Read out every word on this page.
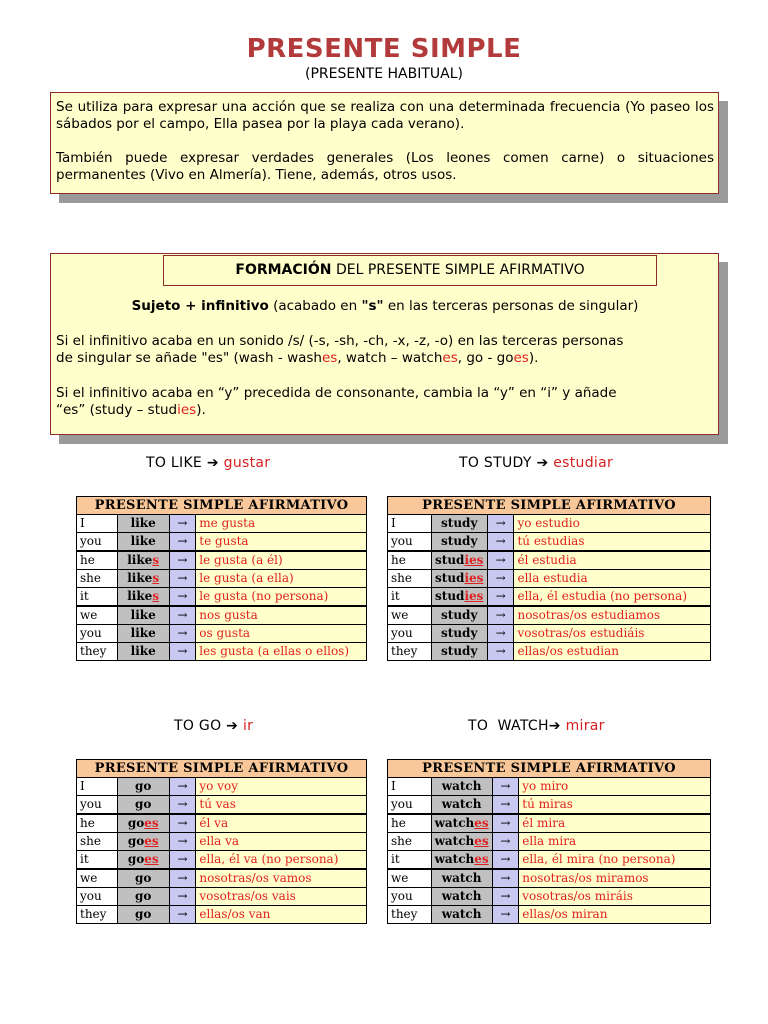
PRESENTE SIMPLE
(PRESENTE HABITUAL)

Se utiliza para expresar una acción que se realiza con una determinada frecuencia (Yo paseo los sábados por el campo, Ella pasea por la playa cada verano).

También puede expresar verdades generales (Los leones comen carne) o situaciones permanentes (Vivo en Almería). Tiene, además, otros usos.

FORMACIÓN DEL PRESENTE SIMPLE AFIRMATIVO
Sujeto + infinitivo (acabado en "s" en las terceras personas de singular)
Si el infinitivo acaba en un sonido /s/ (-s, -sh, -ch, -x, -z, -o) en las terceras personas
de singular se añade "es" (wash - washes, watch – watches, go - goes).
Si el infinitivo acaba en “y” precedida de consonante, cambia la “y” en “i” y añade
“es” (study – studies).
TO LIKE ➔ gustar	TO STUDY ➔ estudiar
TO GO ➔ ir	TO  WATCH➔ mirar
PRESENTE SIMPLE AFIRMATIVO			
I	like	→	me gusta
you	like	→	te gusta
he	likes	→	le gusta (a él)
she	likes	→	le gusta (a ella)
it	likes	→	le gusta (no persona)
we	like	→	nos gusta
you	like	→	os gusta
they	like	→	les gusta (a ellas o ellos)
PRESENTE SIMPLE AFIRMATIVO			
I	study	→	yo estudio
you	study	→	tú estudias
he	studies	→	él estudia
she	studies	→	ella estudia
it	studies	→	ella, él estudia (no persona)
we	study	→	nosotras/os estudiamos
you	study	→	vosotras/os estudiáis
they	study	→	ellas/os estudian
PRESENTE SIMPLE AFIRMATIVO			
I	go	→	yo voy
you	go	→	tú vas
he	goes	→	él va
she	goes	→	ella va
it	goes	→	ella, él va (no persona)
we	go	→	nosotras/os vamos
you	go	→	vosotras/os vais
they	go	→	ellas/os van
PRESENTE SIMPLE AFIRMATIVO			
I	watch	→	yo miro
you	watch	→	tú miras
he	watches	→	él mira
she	watches	→	ella mira
it	watches	→	ella, él mira (no persona)
we	watch	→	nosotras/os miramos
you	watch	→	vosotras/os miráis
they	watch	→	ellas/os miran
